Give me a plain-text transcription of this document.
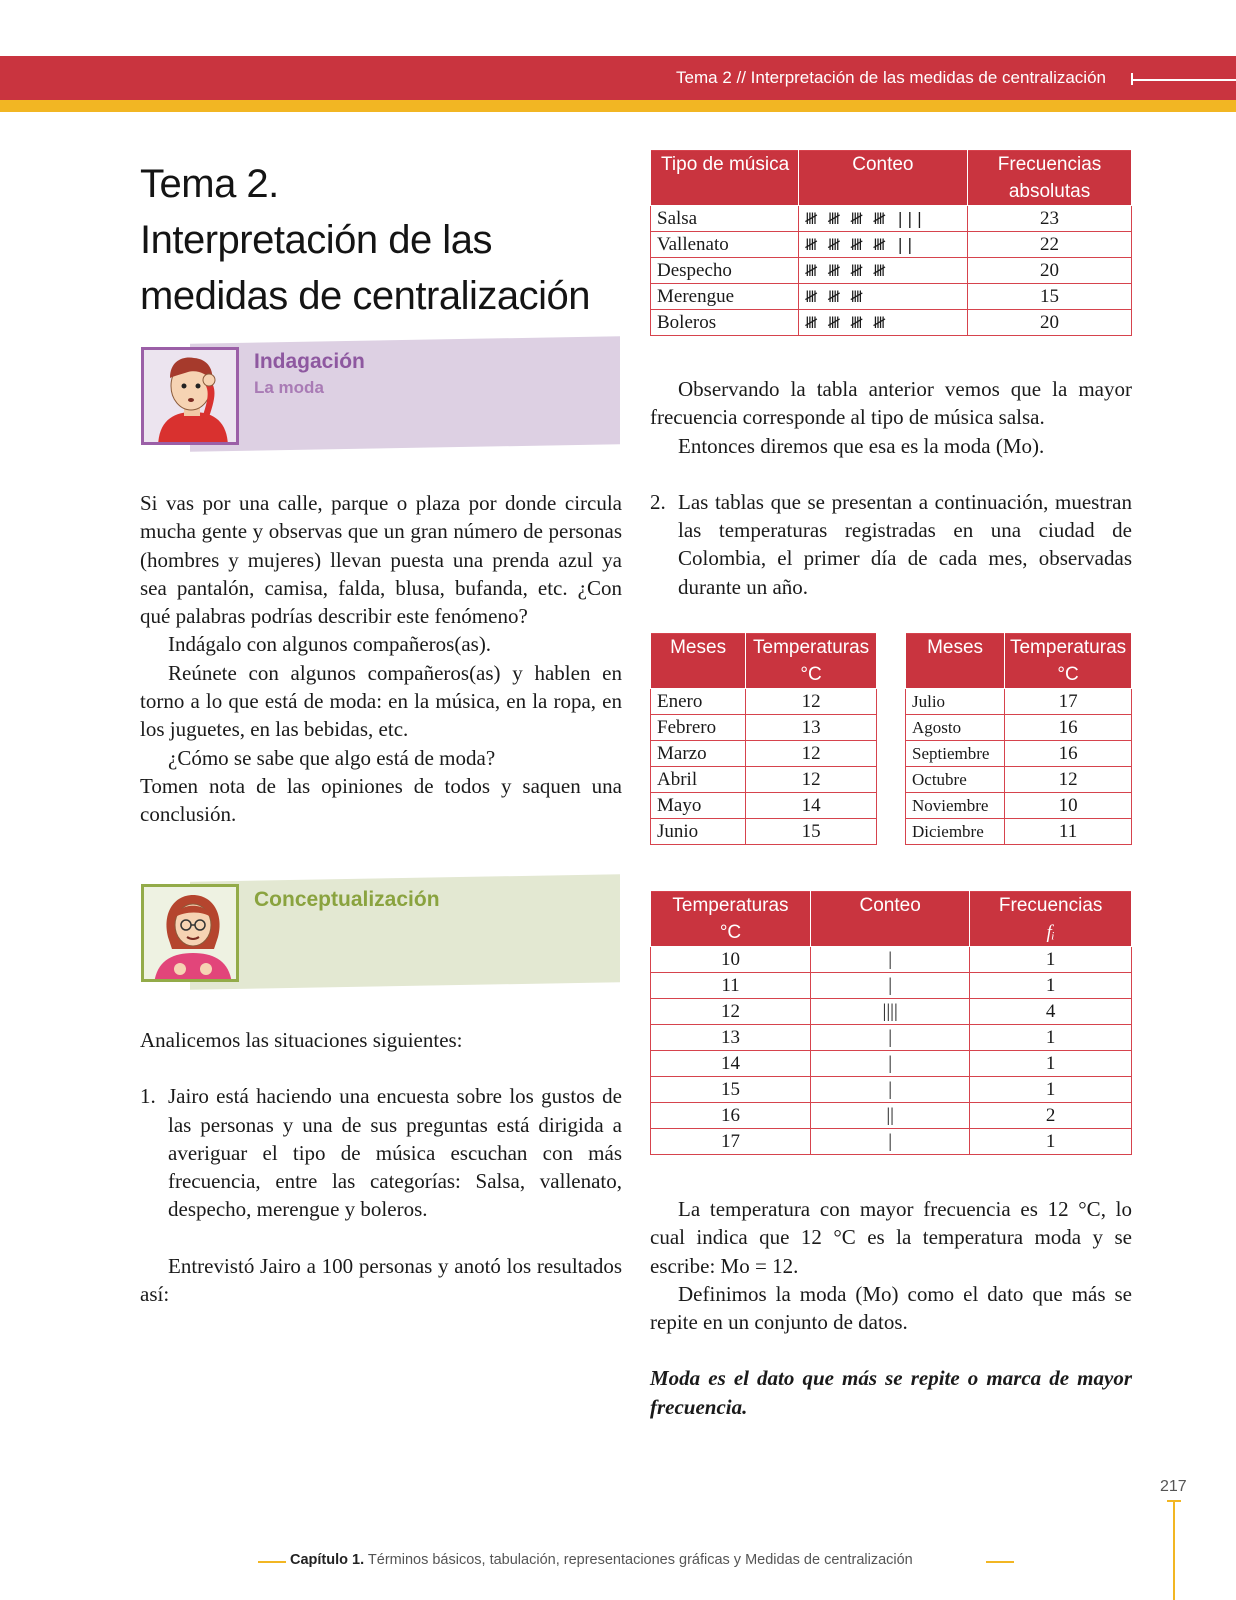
Tema 2 // Interpretación de las medidas de centralización
Tema 2.
Interpretación de las
medidas de centralización
Indagación
La moda

Si vas por una calle, parque o plaza por donde circula mucha gente y observas que un gran número de personas (hombres y mujeres) llevan puesta una prenda azul ya sea pantalón, camisa, falda, blusa, bufanda, etc. ¿Con qué palabras podrías describir este fenómeno?

Indágalo con algunos compañeros(as).

Reúnete con algunos compañeros(as) y hablen en torno a lo que está de moda: en la música, en la ropa, en los juguetes, en las bebidas, etc.

¿Cómo se sabe que algo está de moda?

Tomen nota de las opiniones de todos y saquen una conclusión.

Conceptualización

Analicemos las situaciones siguientes:

1. Jairo está haciendo una encuesta sobre los gustos de las personas y una de sus preguntas está dirigida a averiguar el tipo de música escuchan con más frecuencia, entre las categorías: Salsa, vallenato, despecho, merengue y boleros.

Entrevistó Jairo a 100 personas y anotó los resultados así:

Tipo de música	Conteo	Frecuencias absolutas
Salsa	𝍸 𝍸 𝍸 𝍸 |||	23
Vallenato	𝍸 𝍸 𝍸 𝍸 ||	22
Despecho	𝍸 𝍸 𝍸 𝍸	20
Merengue	𝍸 𝍸 𝍸	15
Boleros	𝍸 𝍸 𝍸 𝍸	20

Observando la tabla anterior vemos que la mayor frecuencia corresponde al tipo de música salsa.

Entonces diremos que esa es la moda (Mo).

2. Las tablas que se presentan a continuación, muestran las temperaturas registradas en una ciudad de Colombia, el primer día de cada mes, observadas durante un año.
Meses	Temperaturas °C
Enero	12
Febrero	13
Marzo	12
Abril	12
Mayo	14
Junio	15
Meses	Temperaturas °C
Julio	17
Agosto	16
Septiembre	16
Octubre	12
Noviembre	10
Diciembre	11
Temperaturas °C	Conteo	Frecuencias
fᵢ

10	|	1
11	|	1
12	||||	4
13	|	1
14	|	1
15	|	1
16	||	2
17	|	1

La temperatura con mayor frecuencia es 12 °C, lo cual indica que 12 °C es la temperatura moda y se escribe: Mo = 12.

Definimos la moda (Mo) como el dato que más se repite en un conjunto de datos.

Moda es el dato que más se repite o marca de mayor frecuencia.

217
Capítulo 1. Términos básicos, tabulación, representaciones gráficas y Medidas de centralización
